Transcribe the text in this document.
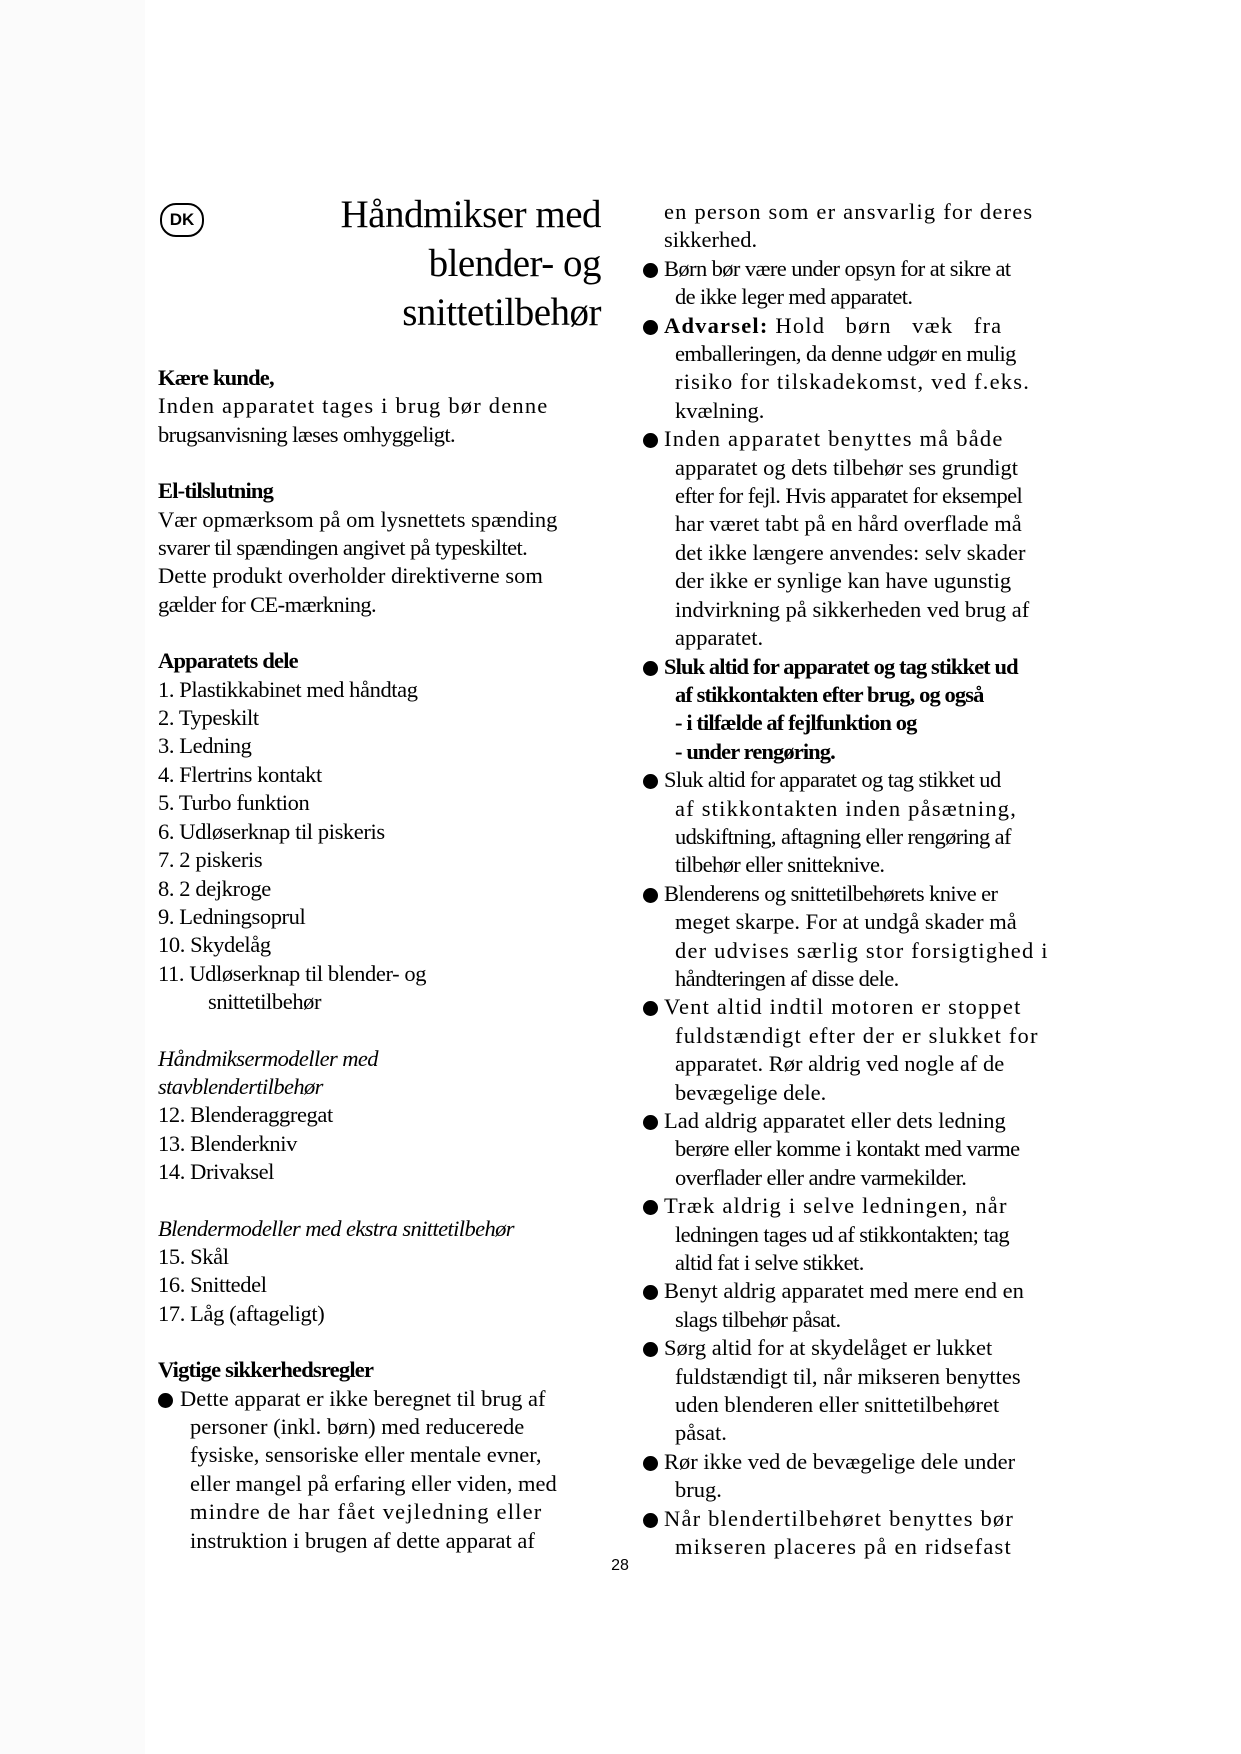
DK	Håndmikser med
blender- og
snittetilbehør

Kære kunde,

Inden apparatet tages i brug bør denne

brugsanvisning læses omhyggeligt.

El-tilslutning

Vær opmærksom på om lysnettets spænding

svarer til spændingen angivet på typeskiltet.

Dette produkt overholder direktiverne som

gælder for CE-mærkning.

Apparatets dele

1. Plastikkabinet med håndtag
2. Typeskilt
3. Ledning
4. Flertrins kontakt
5. Turbo funktion
6. Udløserknap til piskeris
7. 2 piskeris
8. 2 dejkroge
9. Ledningsoprul
10. Skydelåg
11. Udløserknap til blender- og
snittetilbehør

Håndmiksermodeller med

stavblendertilbehør

12. Blenderaggregat
13. Blenderkniv
14. Drivaksel

Blendermodeller med ekstra snittetilbehør

15. Skål
16. Snittedel
17. Låg (aftageligt)

Vigtige sikkerhedsregler

Dette apparat er ikke beregnet til brug af
personer (inkl. børn) med reducerede
fysiske, sensoriske eller mentale evner,
eller mangel på erfaring eller viden, med
mindre de har fået vejledning eller
instruktion i brugen af dette apparat af
en person som er ansvarlig for deres
sikkerhed.
Børn bør være under opsyn for at sikre at
de ikke leger med apparatet.
Advarsel: Hold   børn   væk   fra
emballeringen, da denne udgør en mulig
risiko for tilskadekomst, ved f.eks.
kvælning.
Inden apparatet benyttes må både
apparatet og dets tilbehør ses grundigt
efter for fejl. Hvis apparatet for eksempel
har været tabt på en hård overflade må
det ikke længere anvendes: selv skader
der ikke er synlige kan have ugunstig
indvirkning på sikkerheden ved brug af
apparatet.
Sluk altid for apparatet og tag stikket ud
af stikkontakten efter brug, og også
- i tilfælde af fejlfunktion og
- under rengøring.
Sluk altid for apparatet og tag stikket ud
af stikkontakten inden påsætning,
udskiftning, aftagning eller rengøring af
tilbehør eller snitteknive.
Blenderens og snittetilbehørets knive er
meget skarpe. For at undgå skader må
der udvises særlig stor forsigtighed i
håndteringen af disse dele.
Vent altid indtil motoren er stoppet
fuldstændigt efter der er slukket for
apparatet. Rør aldrig ved nogle af de
bevægelige dele.
Lad aldrig apparatet eller dets ledning
berøre eller komme i kontakt med varme
overflader eller andre varmekilder.
Træk aldrig i selve ledningen, når
ledningen tages ud af stikkontakten; tag
altid fat i selve stikket.
Benyt aldrig apparatet med mere end en
slags tilbehør påsat.
Sørg altid for at skydelåget er lukket
fuldstændigt til, når mikseren benyttes
uden blenderen eller snittetilbehøret
påsat.
Rør ikke ved de bevægelige dele under
brug.
Når blendertilbehøret benyttes bør
mikseren placeres på en ridsefast
28
